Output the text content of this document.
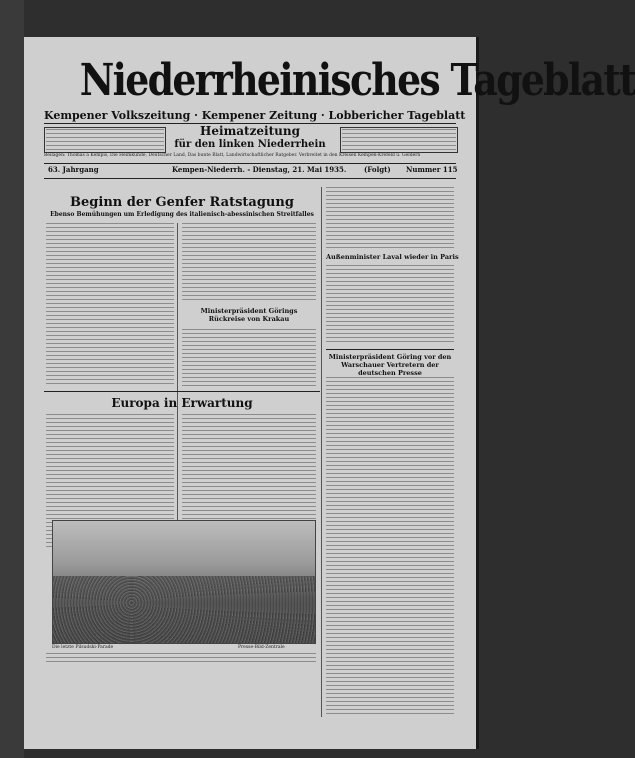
Niederrheinisches Tageblatt
Kempener Volkszeitung · Kempener Zeitung · Lobbericher Tageblatt
Heimatzeitung
für den linken Niederrhein
Beilagen: Thomas a Kempis, Die Heimkunde, Deutscher Land, Das bunte Blatt, Landwirtschaftlicher Ratgeber. Verbreitet in den Kreisen Kempen-Krefeld u. Geldern
63. Jahrgang	Kempen-Niederrh. - Dienstag, 21. Mai 1935.	(Folgt) Nummer 115
Beginn der Genfer Ratstagung
Ebenso Bemühungen um Erledigung des italienisch-abessinischen Streitfalles
Ministerpräsident Görings Rückreise von Krakau
Europa in Erwartung
Die letzte Pilsudski-Parade	Presse-Bild-Zentrale
Außenminister Laval wieder in Paris
Ministerpräsident Göring vor den Warschauer Vertretern der deutschen Presse
